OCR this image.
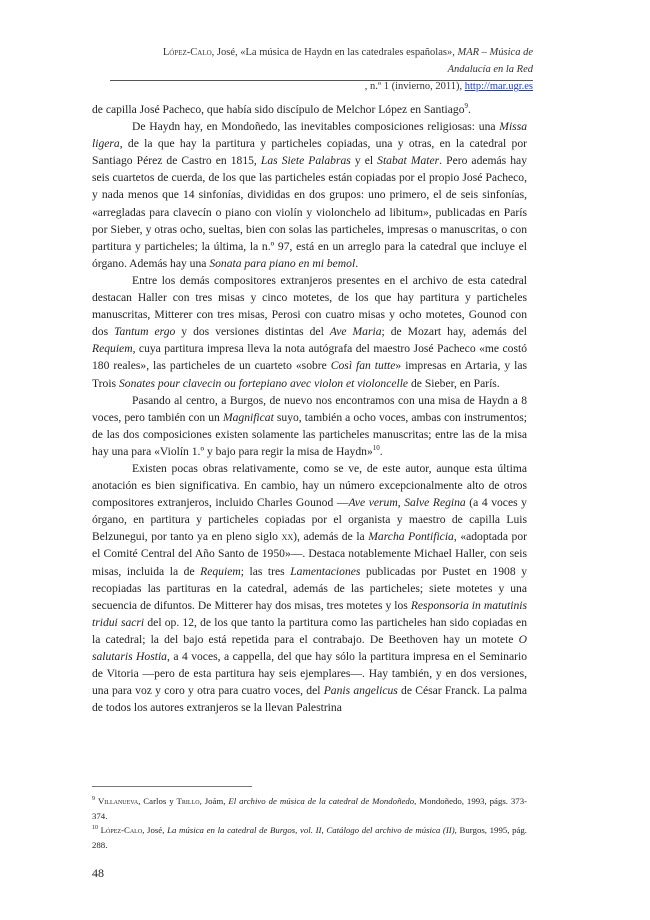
López-Calo, José, «La música de Haydn en las catedrales españolas», MAR – Música de Andalucía en la Red
, n.º 1 (invierno, 2011), http://mar.ugr.es

de capilla José Pacheco, que había sido discípulo de Melchor López en Santiago$^9$.

De Haydn hay, en Mondoñedo, las inevitables composiciones religiosas: una Missa ligera, de la que hay la partitura y particheles copiadas, una y otras, en la catedral por Santiago Pérez de Castro en 1815, Las Siete Palabras y el Stabat Mater. Pero además hay seis cuartetos de cuerda, de los que las particheles están copiadas por el propio José Pacheco, y nada menos que 14 sinfonías, divididas en dos grupos: uno primero, el de seis sinfonías, «arregladas para clavecín o piano con violín y violonchelo ad libitum», publicadas en París por Sieber, y otras ocho, sueltas, bien con solas las particheles, impresas o manuscritas, o con partitura y particheles; la última, la n.º 97, está en un arreglo para la catedral que incluye el órgano. Además hay una Sonata para piano en mi bemol.

Entre los demás compositores extranjeros presentes en el archivo de esta catedral destacan Haller con tres misas y cinco motetes, de los que hay partitura y particheles manuscritas, Mitterer con tres misas, Perosi con cuatro misas y ocho motetes, Gounod con dos Tantum ergo y dos versiones distintas del Ave Maria; de Mozart hay, además del Requiem, cuya partitura impresa lleva la nota autógrafa del maestro José Pacheco «me costó 180 reales», las particheles de un cuarteto «sobre Così fan tutte» impresas en Artaria, y las Trois Sonates pour clavecin ou fortepiano avec violon et violoncelle de Sieber, en París.

Pasando al centro, a Burgos, de nuevo nos encontramos con una misa de Haydn a 8 voces, pero también con un Magnificat suyo, también a ocho voces, ambas con instrumentos; de las dos composiciones existen solamente las particheles manuscritas; entre las de la misa hay una para «Violín 1.º y bajo para regir la misa de Haydn»$^{10}$.

Existen pocas obras relativamente, como se ve, de este autor, aunque esta última anotación es bien significativa. En cambio, hay un número excepcionalmente alto de otros compositores extranjeros, incluido Charles Gounod —Ave verum, Salve Regina (a 4 voces y órgano, en partitura y particheles copiadas por el organista y maestro de capilla Luis Belzunegui, por tanto ya en pleno siglo xx), además de la Marcha Pontificia, «adoptada por el Comité Central del Año Santo de 1950»—. Destaca notablemente Michael Haller, con seis misas, incluida la de Requiem; las tres Lamentaciones publicadas por Pustet en 1908 y recopiadas las partituras en la catedral, además de las particheles; siete motetes y una secuencia de difuntos. De Mitterer hay dos misas, tres motetes y los Responsoria in matutinis tridui sacri del op. 12, de los que tanto la partitura como las particheles han sido copiadas en la catedral; la del bajo está repetida para el contrabajo. De Beethoven hay un motete O salutaris Hostia, a 4 voces, a cappella, del que hay sólo la partitura impresa en el Seminario de Vitoria —pero de esta partitura hay seis ejemplares—. Hay también, y en dos versiones, una para voz y coro y otra para cuatro voces, del Panis angelicus de César Franck. La palma de todos los autores extranjeros se la llevan Palestrina

$^9$ Villanueva, Carlos y Trillo, Joám, El archivo de música de la catedral de Mondoñedo, Mondoñedo, 1993, págs. 373-374.

$^{10}$ López-Calo, José, La música en la catedral de Burgos, vol. II, Catálogo del archivo de música (II), Burgos, 1995, pág. 288.

48
